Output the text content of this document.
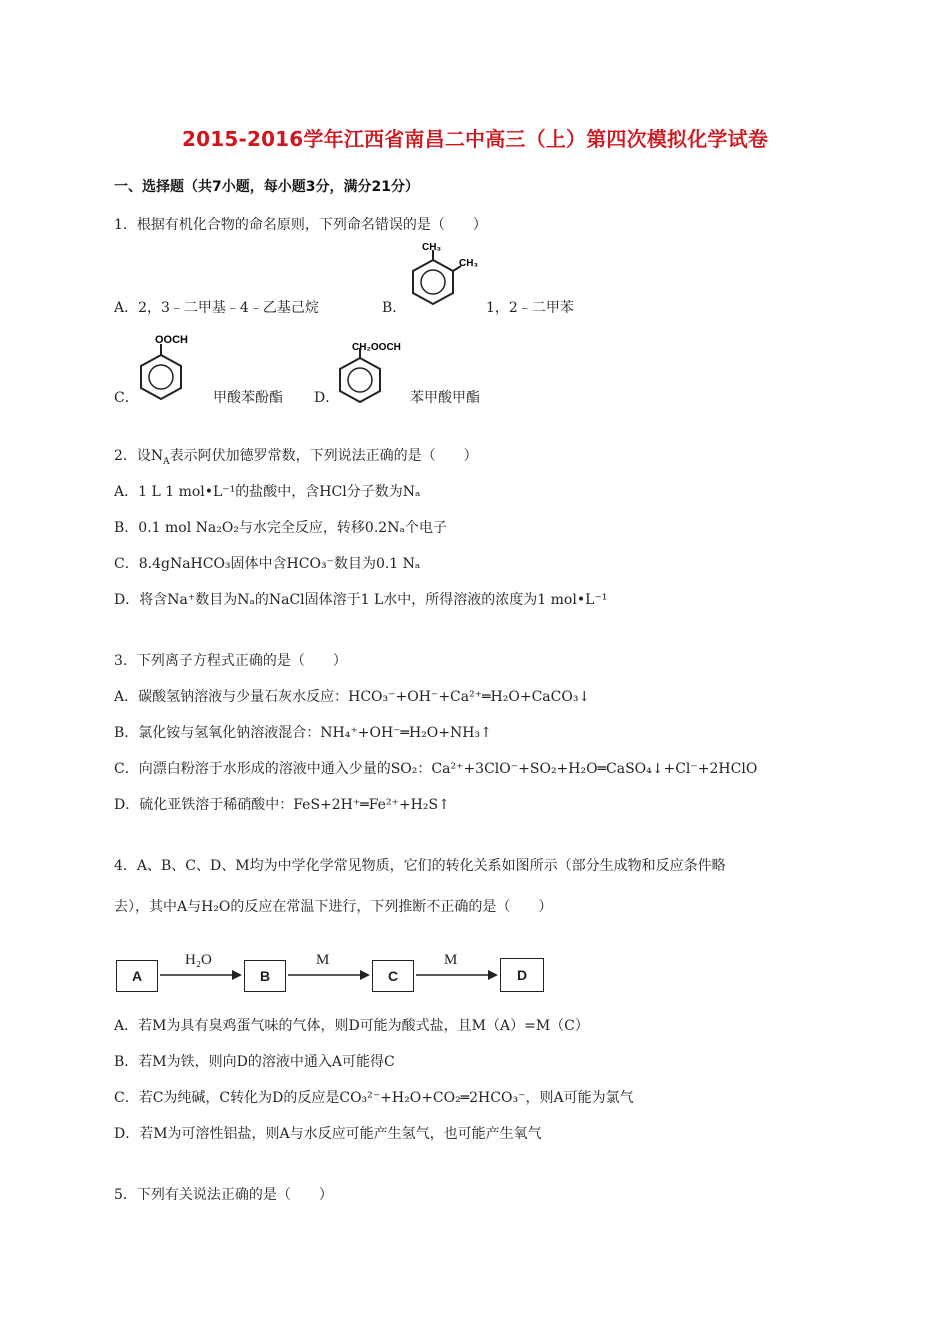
2015-2016学年江西省南昌二中高三（上）第四次模拟化学试卷
一、选择题（共7小题，每小题3分，满分21分）
1．根据有机化合物的命名原则，下列命名错误的是（　　）
A．2，3﹣二甲基﹣4﹣乙基己烷	B．
CH₃
CH₃
1，2﹣二甲苯
C．
OOCH
甲酸苯酚酯 D．
CH₂OOCH
苯甲酸甲酯
2．设$N_A$表示阿伏加德罗常数，下列说法正确的是（　　）
A．1 L 1 mol•L⁻¹的盐酸中，含HCl分子数为Nₐ
B．0.1 mol Na₂O₂与水完全反应，转移0.2Nₐ个电子
C．8.4gNaHCO₃固体中含HCO₃⁻数目为0.1 Nₐ
D．将含Na⁺数目为Nₐ的NaCl固体溶于1 L水中，所得溶液的浓度为1 mol•L⁻¹
3．下列离子方程式正确的是（　　）
A．碳酸氢钠溶液与少量石灰水反应：HCO₃⁻+OH⁻+Ca²⁺═H₂O+CaCO₃↓
B．氯化铵与氢氧化钠溶液混合：NH₄⁺+OH⁻═H₂O+NH₃↑
C．向漂白粉溶于水形成的溶液中通入少量的SO₂：Ca²⁺+3ClO⁻+SO₂+H₂O═CaSO₄↓+Cl⁻+2HClO
D．硫化亚铁溶于稀硝酸中：FeS+2H⁺═Fe²⁺+H₂S↑
4．A、B、C、D、M均为中学化学常见物质，它们的转化关系如图所示（部分生成物和反应条件略
去），其中A与H₂O的反应在常温下进行，下列推断不正确的是（　　）
A	B	C	D
H₂O	M	M
A．若M为具有臭鸡蛋气味的气体，则D可能为酸式盐，且M（A）=M（C）
B．若M为铁，则向D的溶液中通入A可能得C
C．若C为纯碱，C转化为D的反应是CO₃²⁻+H₂O+CO₂═2HCO₃⁻，则A可能为氯气
D．若M为可溶性铝盐，则A与水反应可能产生氢气，也可能产生氧气
5．下列有关说法正确的是（　　）
